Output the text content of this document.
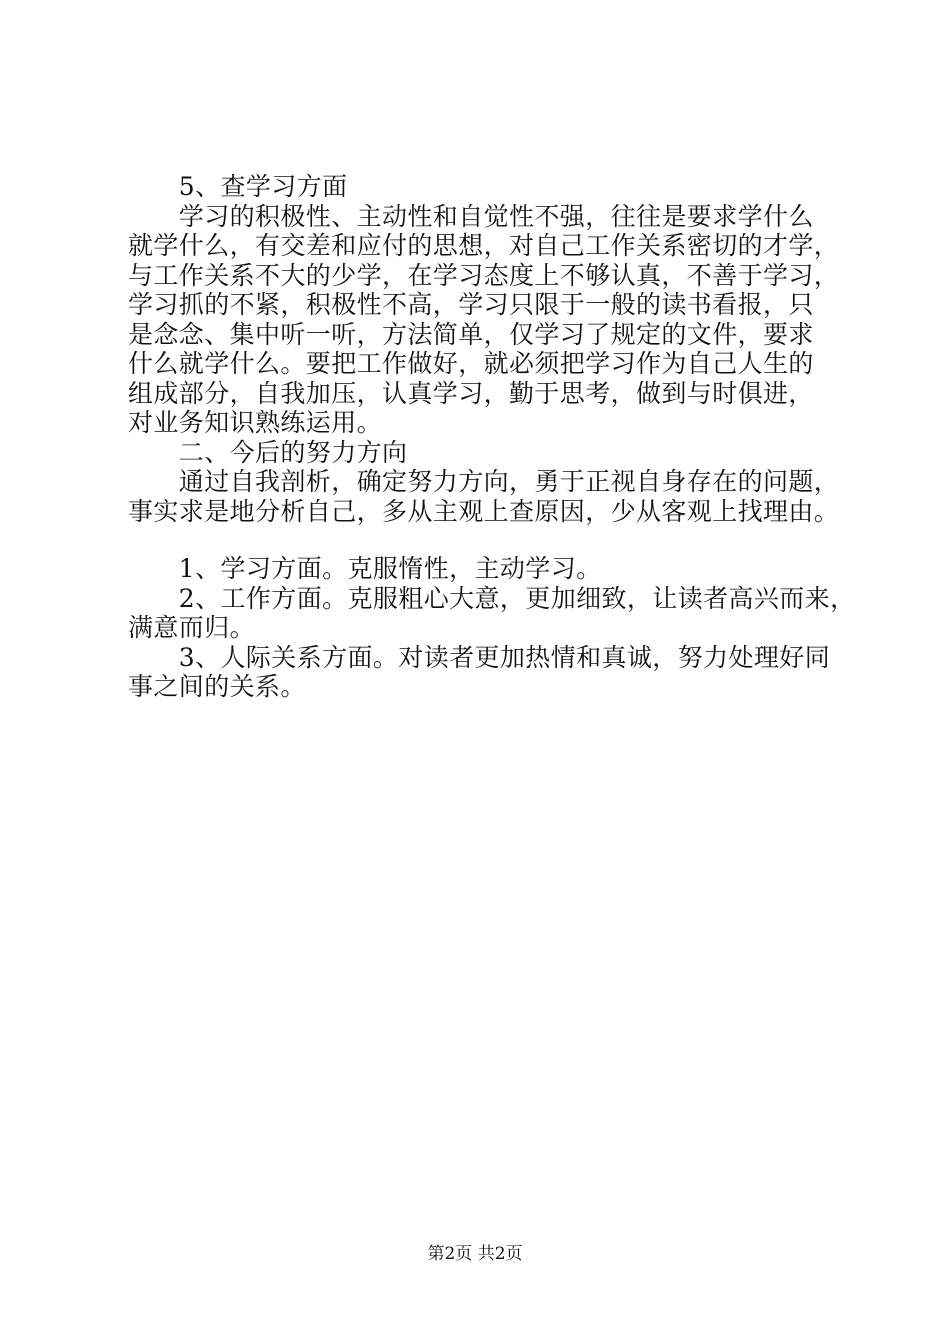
　　5、查学习方面
　　学习的积极性、主动性和自觉性不强，往往是要求学什么
就学什么，有交差和应付的思想，对自己工作关系密切的才学，
与工作关系不大的少学，在学习态度上不够认真，不善于学习，
学习抓的不紧，积极性不高，学习只限于一般的读书看报，只
是念念、集中听一听，方法简单，仅学习了规定的文件，要求
什么就学什么。要把工作做好，就必须把学习作为自己人生的
组成部分，自我加压，认真学习，勤于思考，做到与时俱进，
对业务知识熟练运用。
　　二、今后的努力方向
　　通过自我剖析，确定努力方向，勇于正视自身存在的问题，
事实求是地分析自己，多从主观上查原因，少从客观上找理由。
　　1、学习方面。克服惰性，主动学习。
　　2、工作方面。克服粗心大意，更加细致，让读者高兴而来，
满意而归。
　　3、人际关系方面。对读者更加热情和真诚，努力处理好同
事之间的关系。
第2页 共2页
